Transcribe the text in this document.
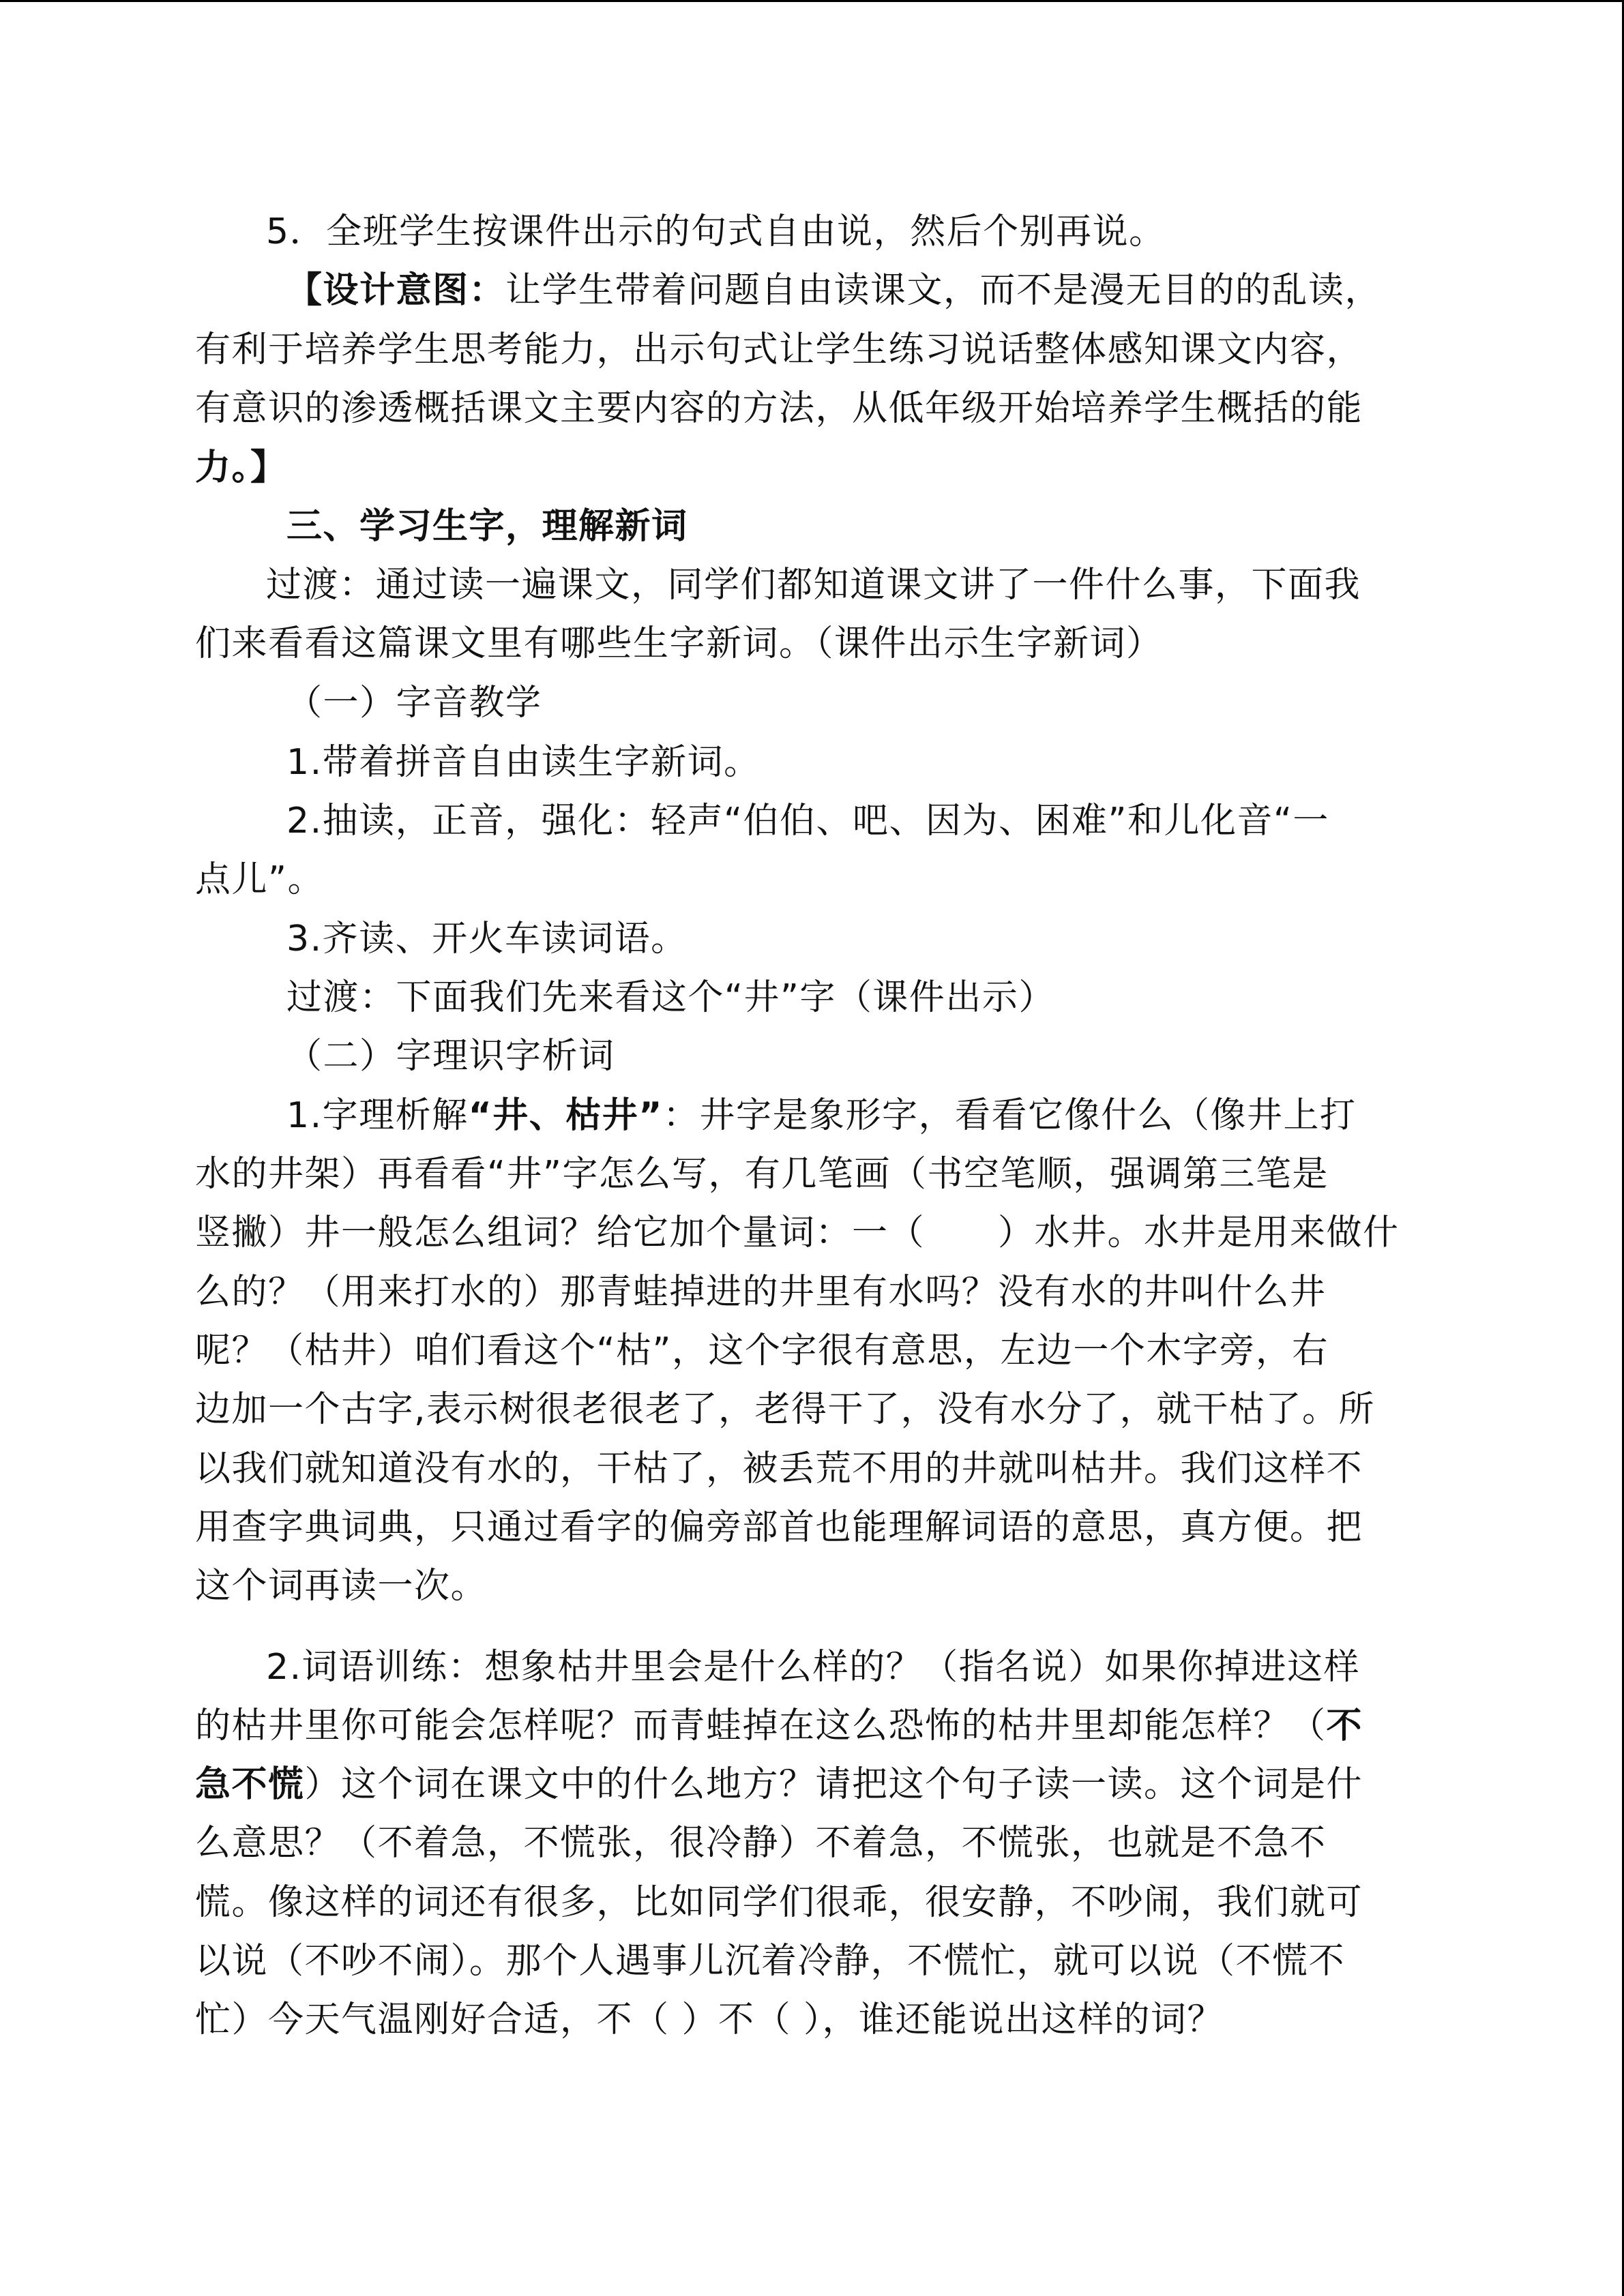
5．全班学生按课件出示的句式自由说，然后个别再说。
【设计意图：让学生带着问题自由读课文，而不是漫无目的的乱读，
有利于培养学生思考能力，出示句式让学生练习说话整体感知课文内容，
有意识的渗透概括课文主要内容的方法，从低年级开始培养学生概括的能
力。】
三、学习生字，理解新词
过渡：通过读一遍课文，同学们都知道课文讲了一件什么事，下面我
们来看看这篇课文里有哪些生字新词。（课件出示生字新词）
（一）字音教学
1.带着拼音自由读生字新词。
2.抽读，正音，强化：轻声“伯伯、吧、因为、困难”和儿化音“一
点儿”。
3.齐读、开火车读词语。
过渡：下面我们先来看这个“井”字（课件出示）
（二）字理识字析词
1.字理析解“井、枯井”：井字是象形字，看看它像什么（像井上打
水的井架）再看看“井”字怎么写，有几笔画（书空笔顺，强调第三笔是
竖撇）井一般怎么组词？给它加个量词：一（　　）水井。水井是用来做什
么的？（用来打水的）那青蛙掉进的井里有水吗？没有水的井叫什么井
呢？（枯井）咱们看这个“枯”，这个字很有意思，左边一个木字旁，右
边加一个古字,表示树很老很老了，老得干了，没有水分了，就干枯了。所
以我们就知道没有水的，干枯了，被丢荒不用的井就叫枯井。我们这样不
用查字典词典，只通过看字的偏旁部首也能理解词语的意思，真方便。把
这个词再读一次。
2.词语训练：想象枯井里会是什么样的？（指名说）如果你掉进这样
的枯井里你可能会怎样呢？而青蛙掉在这么恐怖的枯井里却能怎样？（不
急不慌）这个词在课文中的什么地方？请把这个句子读一读。这个词是什
么意思？（不着急，不慌张，很冷静）不着急，不慌张，也就是不急不
慌。像这样的词还有很多，比如同学们很乖，很安静，不吵闹，我们就可
以说（不吵不闹）。那个人遇事儿沉着冷静，不慌忙，就可以说（不慌不
忙）今天气温刚好合适，不（ ）不（ ），谁还能说出这样的词？
